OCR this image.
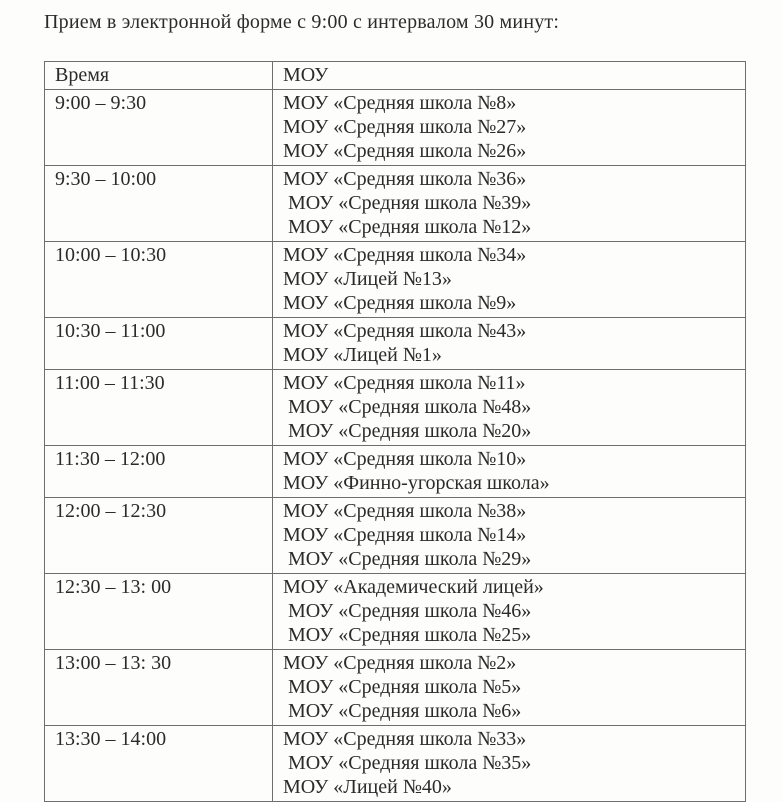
Прием в электронной форме с 9:00 с интервалом 30 минут:
Время	МОУ
9:00 – 9:30	МОУ «Средняя школа №8»
МОУ «Средняя школа №27»
МОУ «Средняя школа №26»

9:30 – 10:00	МОУ «Средняя школа №36»
МОУ «Средняя школа №39»
МОУ «Средняя школа №12»

10:00 – 10:30	МОУ «Средняя школа №34»
МОУ «Лицей №13»
МОУ «Средняя школа №9»

10:30 – 11:00	МОУ «Средняя школа №43»
МОУ «Лицей №1»

11:00 – 11:30	МОУ «Средняя школа №11»
МОУ «Средняя школа №48»
МОУ «Средняя школа №20»

11:30 – 12:00	МОУ «Средняя школа №10»
МОУ «Финно-угорская школа»

12:00 – 12:30	МОУ «Средняя школа №38»
МОУ «Средняя школа №14»
МОУ «Средняя школа №29»

12:30 – 13: 00	МОУ «Академический лицей»
МОУ «Средняя школа №46»
МОУ «Средняя школа №25»

13:00 – 13: 30	МОУ «Средняя школа №2»
МОУ «Средняя школа №5»
МОУ «Средняя школа №6»

13:30 – 14:00	МОУ «Средняя школа №33»
МОУ «Средняя школа №35»
МОУ «Лицей №40»
